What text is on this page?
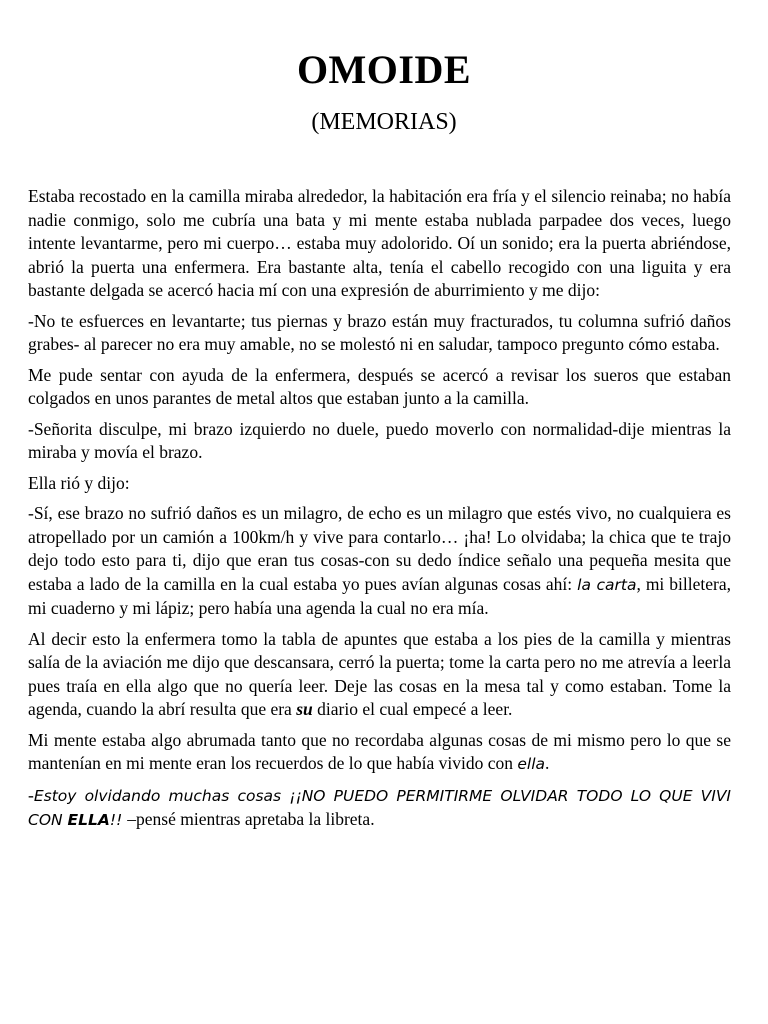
OMOIDE
(MEMORIAS)

Estaba recostado en la camilla miraba alrededor, la habitación era fría y el silencio reinaba; no había nadie conmigo, solo me cubría una bata y mi mente estaba nublada parpadee dos veces, luego intente levantarme, pero mi cuerpo… estaba muy adolorido. Oí un sonido; era la puerta abriéndose, abrió la puerta una enfermera. Era bastante alta, tenía el cabello recogido con una liguita y era bastante delgada se acercó hacia mí con una expresión de aburrimiento y me dijo:

-No te esfuerces en levantarte; tus piernas y brazo están muy fracturados, tu columna sufrió daños grabes- al parecer no era muy amable, no se molestó ni en saludar, tampoco pregunto cómo estaba.

Me pude sentar con ayuda de la enfermera, después se acercó a revisar los sueros que estaban colgados en unos parantes de metal altos que estaban junto a la camilla.

-Señorita disculpe, mi brazo izquierdo no duele, puedo moverlo con normalidad-dije mientras la miraba y movía el brazo.

Ella rió y dijo:

-Sí, ese brazo no sufrió daños es un milagro, de echo es un milagro que estés vivo, no cualquiera es atropellado por un camión a 100km/h y vive para contarlo… ¡ha! Lo olvidaba; la chica que te trajo dejo todo esto para ti, dijo que eran tus cosas-con su dedo índice señalo una pequeña mesita que estaba a lado de la camilla en la cual estaba yo pues avían algunas cosas ahí: la carta, mi billetera, mi cuaderno y mi lápiz; pero había una agenda la cual no era mía.

Al decir esto la enfermera tomo la tabla de apuntes que estaba a los pies de la camilla y mientras salía de la aviación me dijo que descansara, cerró la puerta; tome la carta pero no me atrevía a leerla pues traía en ella algo que no quería leer. Deje las cosas en la mesa tal y como estaban. Tome la agenda, cuando la abrí resulta que era su diario el cual empecé a leer.

Mi mente estaba algo abrumada tanto que no recordaba algunas cosas de mi mismo pero lo que se mantenían en mi mente eran los recuerdos de lo que había vivido con ella.

-Estoy olvidando muchas cosas ¡¡NO PUEDO PERMITIRME OLVIDAR TODO LO QUE VIVI CON ELLA!! –pensé mientras apretaba la libreta.
